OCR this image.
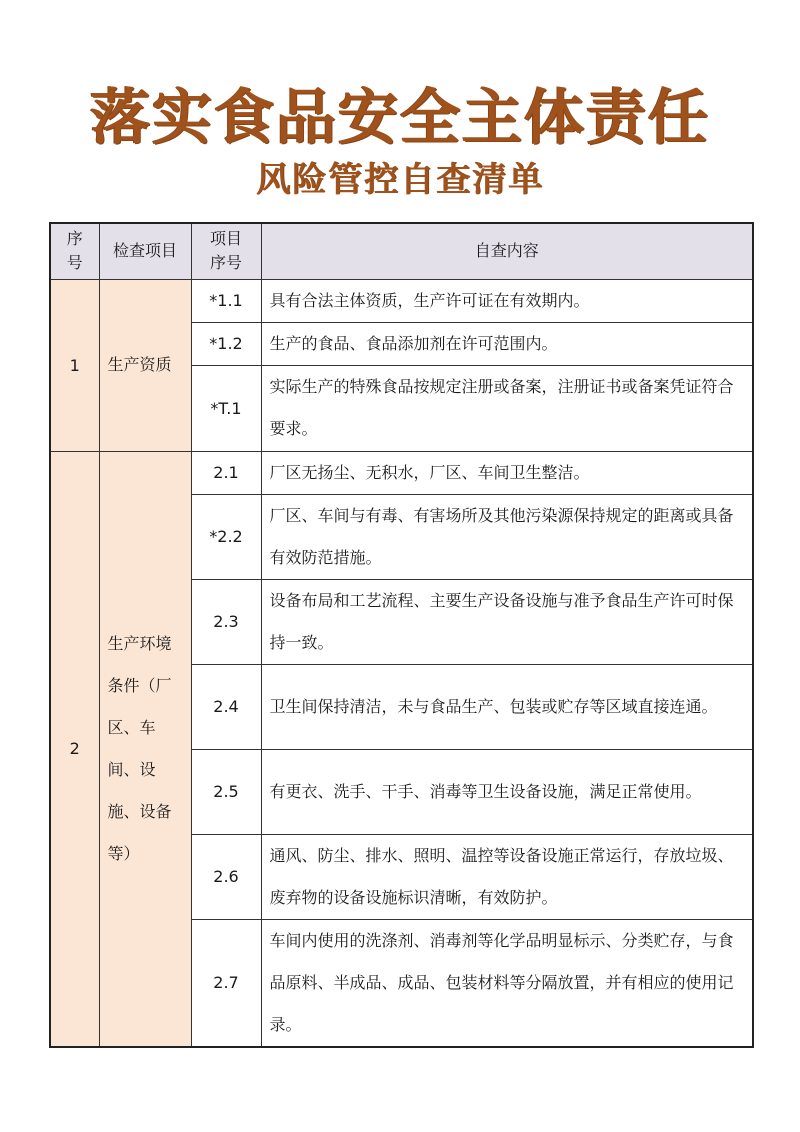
落实食品安全主体责任
风险管控自查清单
序号	检查项目	项目序号	自查内容
1	生产资质	*1.1	具有合法主体资质，生产许可证在有效期内。
		*1.2	生产的食品、食品添加剂在许可范围内。
		*T.1	实际生产的特殊食品按规定注册或备案，注册证书或备案凭证符合要求。
2	生产环境条件（厂区、车间、设施、设备等）	2.1	厂区无扬尘、无积水，厂区、车间卫生整洁。
		*2.2	厂区、车间与有毒、有害场所及其他污染源保持规定的距离或具备有效防范措施。
		2.3	设备布局和工艺流程、主要生产设备设施与准予食品生产许可时保持一致。
		2.4	卫生间保持清洁，未与食品生产、包装或贮存等区域直接连通。
		2.5	有更衣、洗手、干手、消毒等卫生设备设施，满足正常使用。
		2.6	通风、防尘、排水、照明、温控等设备设施正常运行，存放垃圾、废弃物的设备设施标识清晰，有效防护。
		2.7	车间内使用的洗涤剂、消毒剂等化学品明显标示、分类贮存，与食品原料、半成品、成品、包装材料等分隔放置，并有相应的使用记录。
